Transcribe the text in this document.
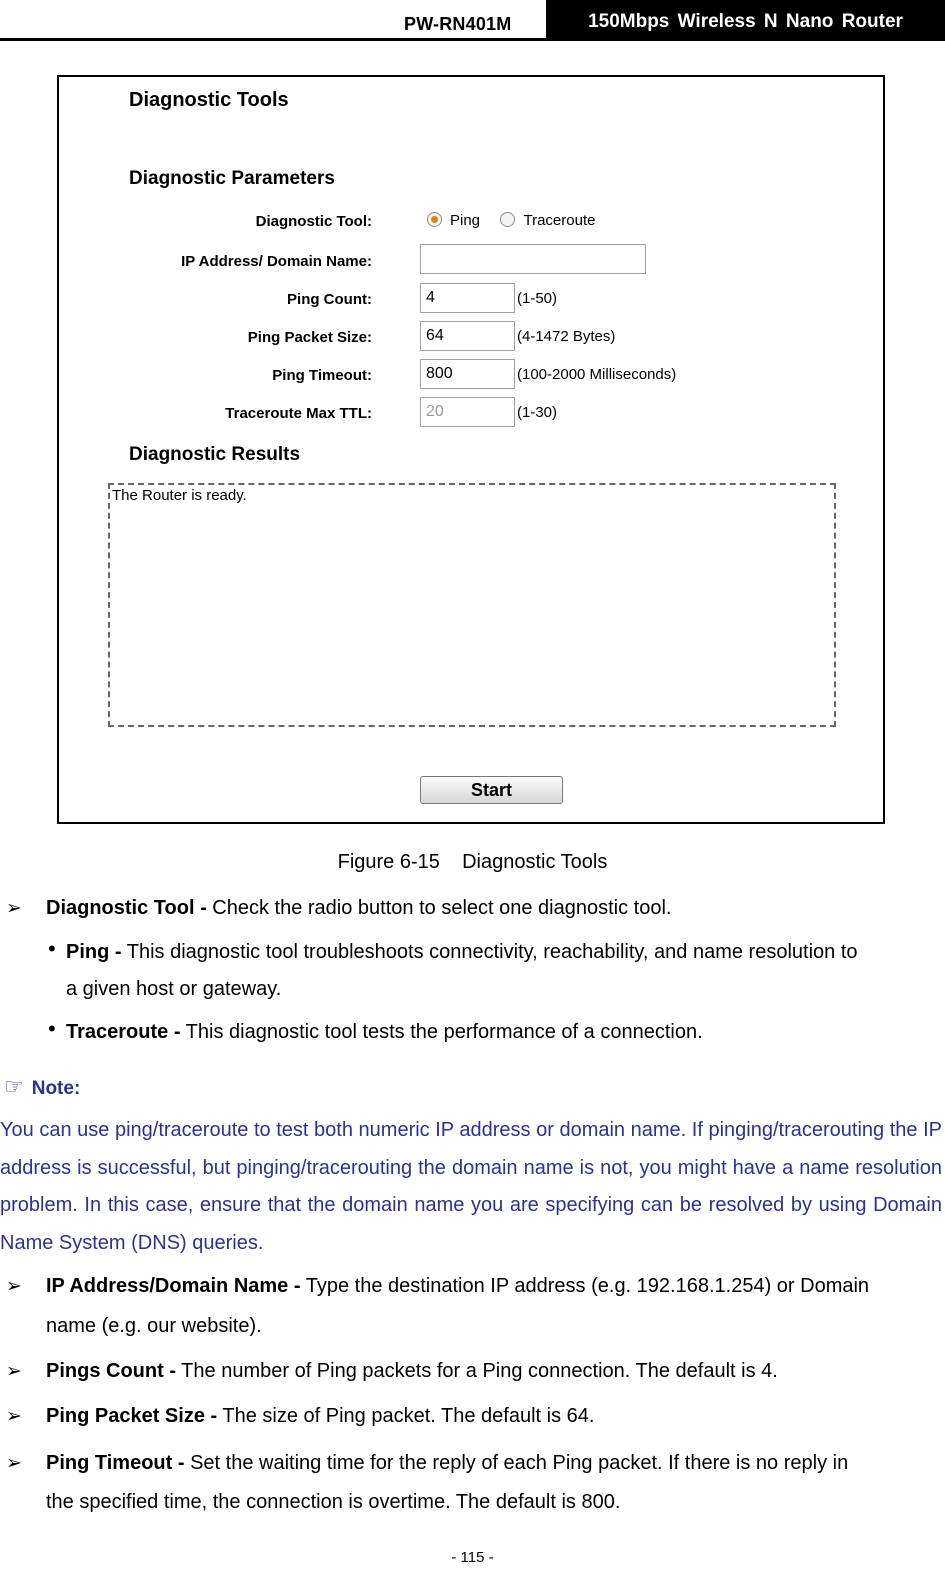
PW-RN401M	150Mbps Wireless N Nano Router
Diagnostic Tools
Diagnostic Parameters
Diagnostic Tool:	Ping	Traceroute
IP Address/ Domain Name:
Ping Count:	4	(1-50)
Ping Packet Size:	64	(4-1472 Bytes)
Ping Timeout:	800	(100-2000 Milliseconds)
Traceroute Max TTL:	20	(1-30)
Diagnostic Results
The Router is ready.
Start
Figure 6-15    Diagnostic Tools
➢ Diagnostic Tool - Check the radio button to select one diagnostic tool.
• Ping - This diagnostic tool troubleshoots connectivity, reachability, and name resolution to
a given host or gateway.
• Traceroute - This diagnostic tool tests the performance of a connection.
☞ Note:
You can use ping/traceroute to test both numeric IP address or domain name. If pinging/tracerouting the IP address is successful, but pinging/tracerouting the domain name is not, you might have a name resolution problem. In this case, ensure that the domain name you are specifying can be resolved by using Domain Name System (DNS) queries.
➢ IP Address/Domain Name - Type the destination IP address (e.g. 192.168.1.254) or Domain
name (e.g. our website).
➢ Pings Count - The number of Ping packets for a Ping connection. The default is 4.
➢ Ping Packet Size - The size of Ping packet. The default is 64.
➢ Ping Timeout - Set the waiting time for the reply of each Ping packet. If there is no reply in
the specified time, the connection is overtime. The default is 800.
- 115 -
